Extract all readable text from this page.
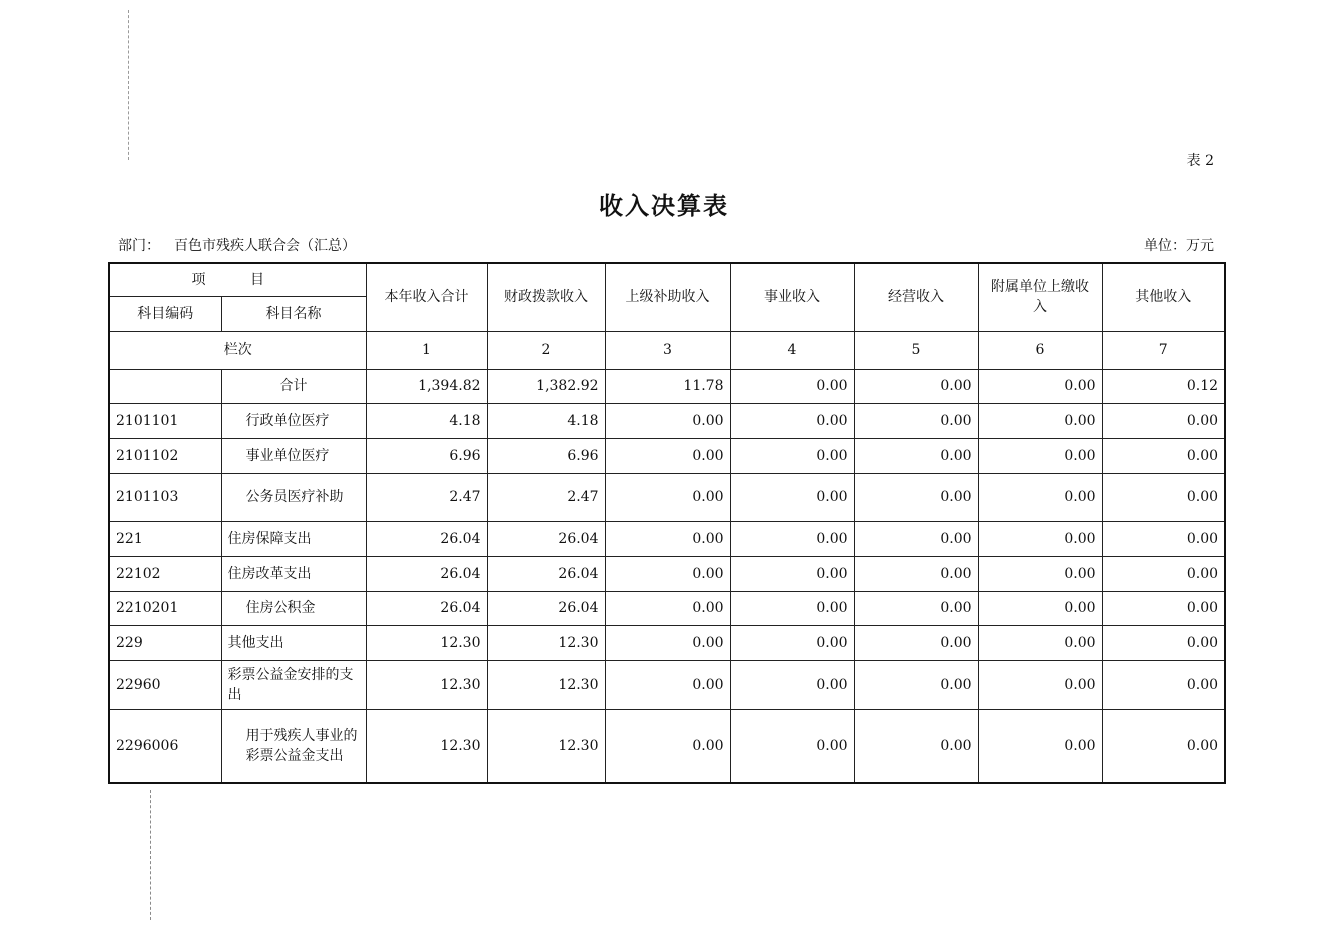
表 2
收入决算表
部门： 百色市残疾人联合会（汇总）	单位：万元
项 目		本年收入合计	财政拨款收入	上级补助收入	事业收入	经营收入	附属单位上缴收入	其他收入
科目编码	科目名称							
栏次		1	2	3	4	5	6	7
	合计	1,394.82	1,382.92	11.78	0.00	0.00	0.00	0.12
2101101	行政单位医疗	4.18	4.18	0.00	0.00	0.00	0.00	0.00
2101102	事业单位医疗	6.96	6.96	0.00	0.00	0.00	0.00	0.00
2101103	公务员医疗补助	2.47	2.47	0.00	0.00	0.00	0.00	0.00
221	住房保障支出	26.04	26.04	0.00	0.00	0.00	0.00	0.00
22102	住房改革支出	26.04	26.04	0.00	0.00	0.00	0.00	0.00
2210201	住房公积金	26.04	26.04	0.00	0.00	0.00	0.00	0.00
229	其他支出	12.30	12.30	0.00	0.00	0.00	0.00	0.00
22960	彩票公益金安排的支出	12.30	12.30	0.00	0.00	0.00	0.00	0.00
2296006	用于残疾人事业的彩票公益金支出	12.30	12.30	0.00	0.00	0.00	0.00	0.00
